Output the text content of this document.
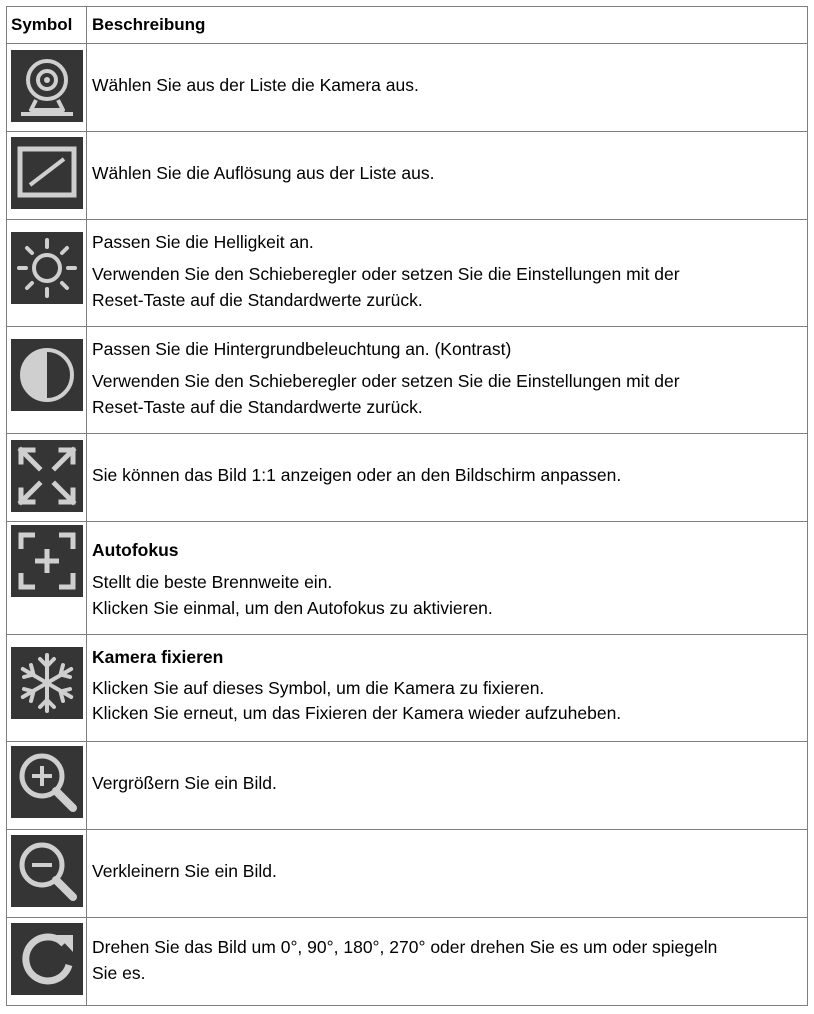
Symbol	Beschreibung
Wählen Sie aus der Liste die Kamera aus.
Wählen Sie die Auflösung aus der Liste aus.
Passen Sie die Helligkeit an.
Verwenden Sie den Schieberegler oder setzen Sie die Einstellungen mit der
Reset-Taste auf die Standardwerte zurück.
Passen Sie die Hintergrundbeleuchtung an. (Kontrast)
Verwenden Sie den Schieberegler oder setzen Sie die Einstellungen mit der
Reset-Taste auf die Standardwerte zurück.
Sie können das Bild 1:1 anzeigen oder an den Bildschirm anpassen.
Autofokus
Stellt die beste Brennweite ein.
Klicken Sie einmal, um den Autofokus zu aktivieren.
Kamera fixieren
Klicken Sie auf dieses Symbol, um die Kamera zu fixieren.
Klicken Sie erneut, um das Fixieren der Kamera wieder aufzuheben.
Vergrößern Sie ein Bild.
Verkleinern Sie ein Bild.
Drehen Sie das Bild um 0°, 90°, 180°, 270° oder drehen Sie es um oder spiegeln
Sie es.
